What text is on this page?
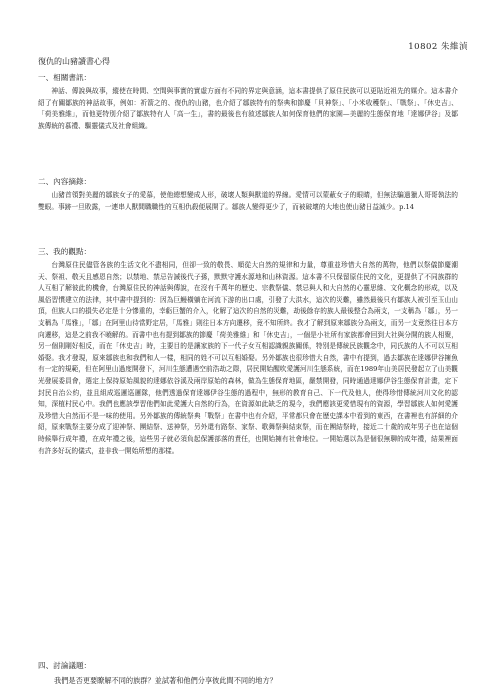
10802 朱維湞
復仇的山豬讀書心得
一、相關書訊：

神話、傳說與故事，縱使在時間、空間與事實的實虛方面有不同的界定與意涵，這本書提供了原住民族可以更貼近祖先的媒介。這本書介紹了有關鄒族的神話故事，例如：祈箭之的、復仇的山豬，也介紹了鄒族特有的祭典和節慶「貝神祭」、「小米收穫祭」、「戰祭」、「休史吉」、「荷美雅維」，而他更特別介紹了鄒族特有人「高一生」，書的最後也有敘述鄒族人如何保育他們的家園—美麗的生態保育地「達娜伊谷」及鄒族傳統的慕禮、驅靈儀式及社會組織。

二、內容摘錄：

山豬首領對美麗的鄒族女子的愛慕，使他總想變成人形，破壞人類與獸道的界線。愛情可以蒙蔽女子的眼睛，但無法騙過獵人哥哥執法的雙眼。事跡一旦敗露，一連串人獸間職職性的互相仇殺便展開了。鄒族人變得更少了，而被破壞的大地也使山豬日益減少。p.14

三、我的觀點：

台灣原住民儘管各族的生活文化不盡相同，但卻一致的敬畏、順從大自然的規律和力量，尊重並珍惜大自然的萬物，他們以祭儀節慶潮天、祭祖、敬天且感恩自然；以禁地、禁忌告誡後代子孫，默默守護水源地和山林資源。這本書不只保留原住民的文化，更提供了不同族群的人互相了解彼此的機會，台灣原住民的神話與傳說，在沒有千萬年的歷史、宗教祭儀、禁忌與人和大自然的心靈思維、文化概念的形成，以及風俗習慣建立的法律，其中書中提到的：因為巨鰻橫躺在河流下游的出口處，引發了大洪水，這次的災難，雖然最後只有鄒族人被引至玉山山頂，但族人口的損失必定是十分慘重的，幸虧巨蟹的介入，化解了這次的自然的災難，劫後餘存的族人最後整合為兩支，一支稱為「鄒」，另一支稱為「馬雅」，「鄒」在阿里山待當野定居，「馬雅」則往日本方向遷移，竟不知所終。我才了解到原來鄒族分為兩支，而另一支竟然往日本方向遷移，這是之前我不曉解的。而書中也有提到鄒族的節慶「荷美雅維」和「休史吉」，一個是小社所有家族都會回到大社與分開的族人相聚，另一個則剛好相反，而在「休史吉」時，主要目的是讓家族的下一代子女互相認識親族關係，特別是傳統民族觀念中，同氏族的人不可以互相婚娶。我才發現，原來鄒族也和我們和人一樣，相同的姓不可以互相婚娶。另外鄒族也很珍惜大自然，書中有提到，過去鄒族在達娜伊谷擁魚有一定的規範，但在阿里山過度開發下，河川生態遭遇空前浩劫之際，居民開始醒吹愛護河川生態系統，而在1989年山美居民發起立了山美觀光發展委員會，選定上保持原始風貌的達娜依谷溪及兩岸原始的森林，做為生態保育地區，嚴禁開發，同時通過達娜伊谷生態保育計畫，定下封民自治公約，並且組成巡邏巡邏隊，他們透過保育達娜伊谷生態的過程中，無形的教育自己、下一代及他人，使得珍惜傳統河川文化的認知，深植村民心中。我們也應該學習他們如此愛護大自然的行為，在資源如此缺乏的現今，我們應該更愛惜現有的資源，學習鄒族人如何愛護及珍惜大自然而不是一味的使用。另外鄒族的傳統祭典「戰祭」在書中也有介紹，平常都只會在歷史課本中看到的東西，在書裡也有詳細的介紹，原來戰祭主要分成了迎神祭、團結祭、送神祭，另外還有路祭、家祭、歌舞祭與結束祭，而在團結祭時，接近二十歲的成年男子也在這個時候舉行成年禮，在成年禮之後，這些男子就必須負起保護部落的責任，也開始擁有社會地位。一開始選以為是個很無聊的成年禮，結果裡面有許多好玩的儀式，並非我一開始所想的那樣。

四、討論議題：
我們是否更要瞭解不同的族群？並試著和他們分享彼此間不同的地方？
